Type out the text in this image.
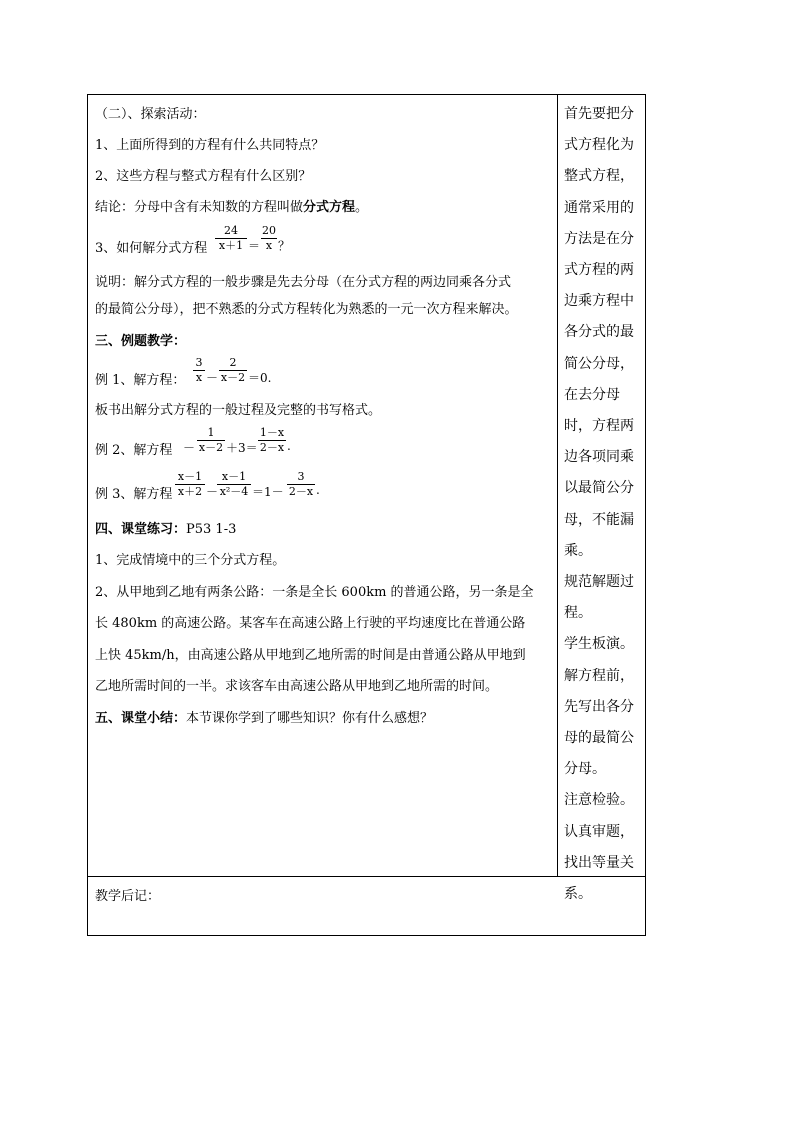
（二）、探索活动：
1、上面所得到的方程有什么共同特点？
2、这些方程与整式方程有什么区别？
结论：分母中含有未知数的方程叫做分式方程。
3、如何解分式方程
24
x＋1 ＝
20
x ？
说明：解分式方程的一般步骤是先去分母（在分式方程的两边同乘各分式
的最简公分母），把不熟悉的分式方程转化为熟悉的一元一次方程来解决。
三、例题教学：
例 1、解方程：
3
x －
2
x－2 ＝0.
板书出解分式方程的一般过程及完整的书写格式。
例 2、解方程 －
1
x－2 ＋3＝
1－x
2－x .
例 3、解方程
x－1
x＋2 －
x－1
x²－4 ＝1－
3
2－x .
四、课堂练习：P53 1-3
1、完成情境中的三个分式方程。
2、从甲地到乙地有两条公路：一条是全长 600km 的普通公路，另一条是全
长 480km 的高速公路。某客车在高速公路上行驶的平均速度比在普通公路
上快 45km/h，由高速公路从甲地到乙地所需的时间是由普通公路从甲地到
乙地所需时间的一半。求该客车由高速公路从甲地到乙地所需的时间。
五、课堂小结：本节课你学到了哪些知识？你有什么感想？

首先要把分式方程化为整式方程，通常采用的方法是在分式方程的两边乘方程中各分式的最简公分母，在去分母时，方程两边各项同乘以最简公分母，不能漏乘。

规范解题过程。

学生板演。

解方程前，先写出各分母的最简公分母。

注意检验。

认真审题，找出等量关系。

教学后记：
